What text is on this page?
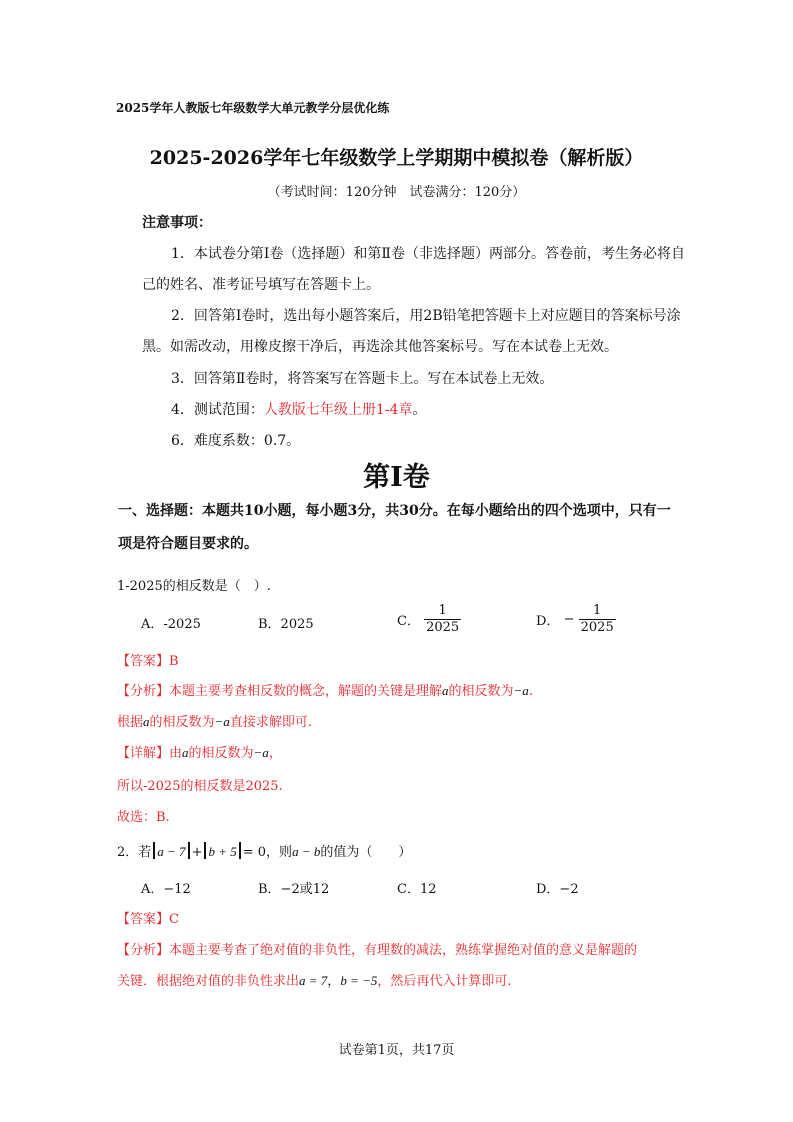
2025学年人教版七年级数学大单元教学分层优化练
2025-2026学年七年级数学上学期期中模拟卷（解析版）
（考试时间：120分钟　试卷满分：120分）
注意事项：
1．本试卷分第Ⅰ卷（选择题）和第Ⅱ卷（非选择题）两部分。答卷前，考生务必将自
己的姓名、准考证号填写在答题卡上。
2．回答第Ⅰ卷时，选出每小题答案后，用2B铅笔把答题卡上对应题目的答案标号涂
黑。如需改动，用橡皮擦干净后，再选涂其他答案标号。写在本试卷上无效。
3．回答第Ⅱ卷时，将答案写在答题卡上。写在本试卷上无效。
4．测试范围：人教版七年级上册1-4章。
6．难度系数：0.7。
第Ⅰ卷
一、选择题：本题共10小题，每小题3分，共30分。在每小题给出的四个选项中，只有一
项是符合题目要求的。
1-2025的相反数是（　）.
A．-2025	B．2025	C． $\frac{1}{2025}$	D． − $\frac{1}{2025}$
【答案】B
【分析】本题主要考查相反数的概念，解题的关键是理解a的相反数为−a.
根据a的相反数为−a直接求解即可.
【详解】由a的相反数为−a，
所以-2025的相反数是2025.
故选：B.
2．若 a − 7 + b + 5 = 0，则a − b的值为（　　）
A．−12	B．−2或12	C．12	D．−2
【答案】C
【分析】本题主要考查了绝对值的非负性，有理数的减法，熟练掌握绝对值的意义是解题的
关键．根据绝对值的非负性求出a = 7，b = −5，然后再代入计算即可.
试卷第1页，共17页
